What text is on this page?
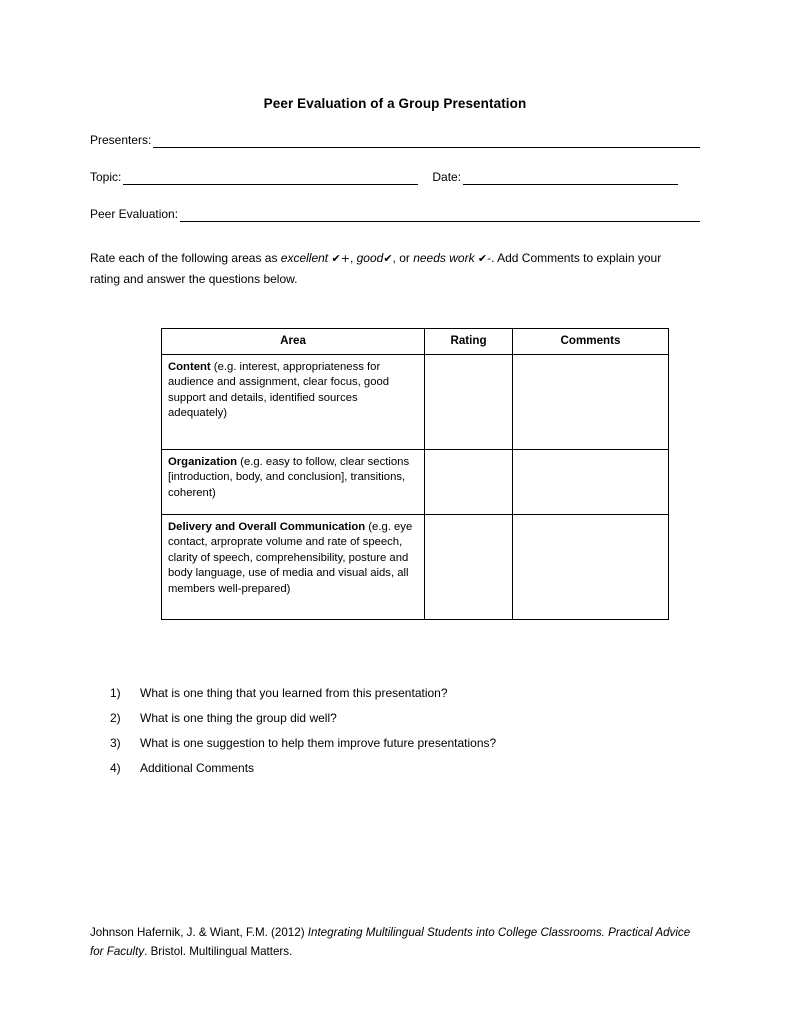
Peer Evaluation of a Group Presentation
Presenters:
Topic:	Date:
Peer Evaluation:
Rate each of the following areas as excellent ✔+, good✔, or needs work ✔-. Add Comments to explain your rating and answer the questions below.
Area	Rating	Comments
Content (e.g. interest, appropriateness for audience and assignment, clear focus, good support and details, identified sources adequately)		
Organization (e.g. easy to follow, clear sections [introduction, body, and conclusion], transitions, coherent)		
Delivery and Overall Communication (e.g. eye contact, arproprate volume and rate of speech, clarity of speech, comprehensibility, posture and body language, use of media and visual aids, all members well-prepared)		
1)	What is one thing that you learned from this presentation?
2)	What is one thing the group did well?
3)	What is one suggestion to help them improve future presentations?
4)	Additional Comments
Johnson Hafernik, J. & Wiant, F.M. (2012) Integrating Multilingual Students into College Classrooms. Practical Advice for Faculty. Bristol. Multilingual Matters.
